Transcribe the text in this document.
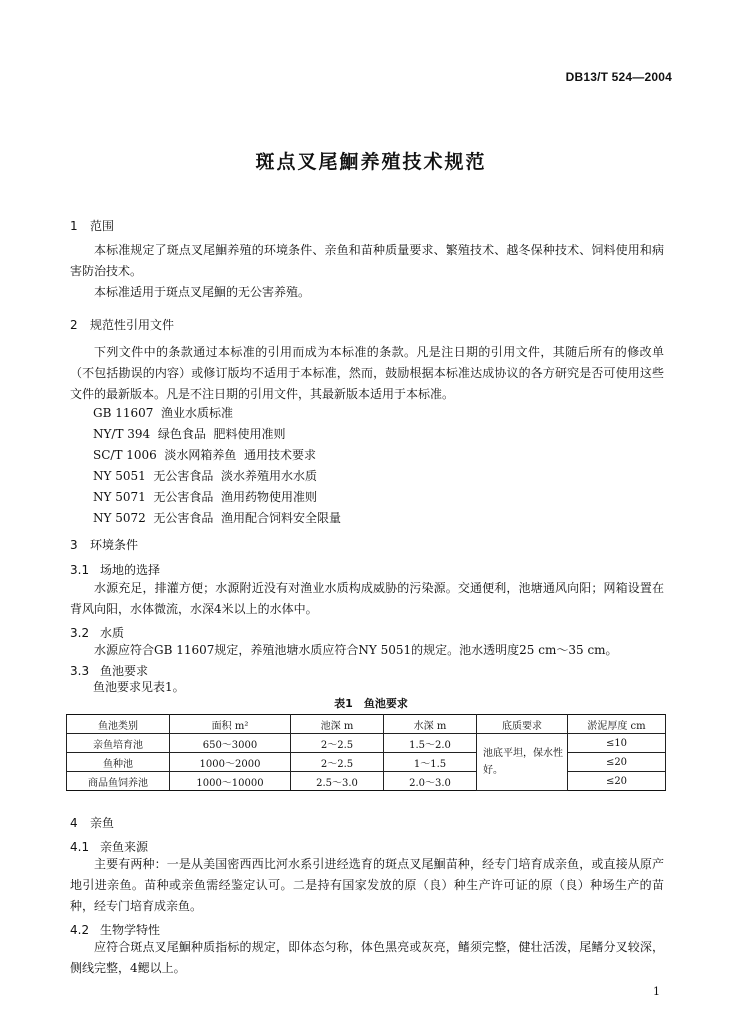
DB13/T 524—2004
斑点叉尾鮰养殖技术规范
1 范围
本标准规定了斑点叉尾鮰养殖的环境条件、亲鱼和苗种质量要求、繁殖技术、越冬保种技术、饲料使用和病害防治技术。
本标准适用于斑点叉尾鮰的无公害养殖。
2 规范性引用文件
下列文件中的条款通过本标准的引用而成为本标准的条款。凡是注日期的引用文件，其随后所有的修改单（不包括勘误的内容）或修订版均不适用于本标准，然而，鼓励根据本标准达成协议的各方研究是否可使用这些文件的最新版本。凡是不注日期的引用文件，其最新版本适用于本标准。
GB 11607  渔业水质标准
NY/T 394  绿色食品  肥料使用准则
SC/T 1006  淡水网箱养鱼  通用技术要求
NY 5051  无公害食品  淡水养殖用水水质
NY 5071  无公害食品  渔用药物使用准则
NY 5072  无公害食品  渔用配合饲料安全限量
3 环境条件
3.1 场地的选择
水源充足，排灌方便；水源附近没有对渔业水质构成威胁的污染源。交通便利，池塘通风向阳；网箱设置在背风向阳，水体微流，水深4米以上的水体中。
3.2 水质
水源应符合GB 11607规定，养殖池塘水质应符合NY 5051的规定。池水透明度25 cm～35 cm。
3.3 鱼池要求
鱼池要求见表1。
表1　鱼池要求
鱼池类别	面积 m²	池深 m	水深 m	底质要求	淤泥厚度 cm
亲鱼培育池	650～3000	2～2.5	1.5～2.0	池底平坦，保水性好。	≤10
鱼种池	1000～2000	2～2.5	1～1.5		≤20
商品鱼饲养池	1000～10000	2.5～3.0	2.0～3.0		≤20
4 亲鱼
4.1 亲鱼来源
主要有两种：一是从美国密西西比河水系引进经选育的斑点叉尾鮰苗种，经专门培育成亲鱼，或直接从原产地引进亲鱼。苗种或亲鱼需经鉴定认可。二是持有国家发放的原（良）种生产许可证的原（良）种场生产的苗种，经专门培育成亲鱼。
4.2 生物学特性
应符合斑点叉尾鮰种质指标的规定，即体态匀称，体色黑亮或灰亮，鳍须完整，健壮活泼，尾鳍分叉较深，侧线完整，4鳃以上。
1
